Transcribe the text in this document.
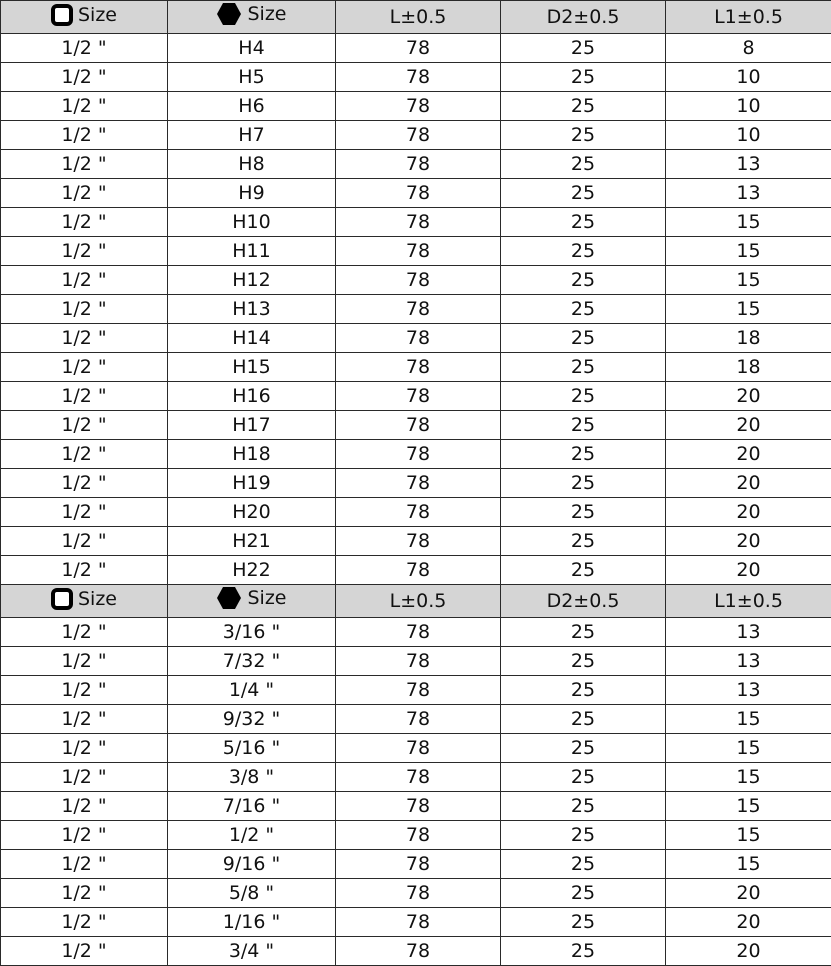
Size	Size	L±0.5	D2±0.5	L1±0.5
1/2 "	H4	78	25	8
1/2 "	H5	78	25	10
1/2 "	H6	78	25	10
1/2 "	H7	78	25	10
1/2 "	H8	78	25	13
1/2 "	H9	78	25	13
1/2 "	H10	78	25	15
1/2 "	H11	78	25	15
1/2 "	H12	78	25	15
1/2 "	H13	78	25	15
1/2 "	H14	78	25	18
1/2 "	H15	78	25	18
1/2 "	H16	78	25	20
1/2 "	H17	78	25	20
1/2 "	H18	78	25	20
1/2 "	H19	78	25	20
1/2 "	H20	78	25	20
1/2 "	H21	78	25	20
1/2 "	H22	78	25	20

Size	Size	L±0.5	D2±0.5	L1±0.5
1/2 "	3/16 "	78	25	13
1/2 "	7/32 "	78	25	13
1/2 "	1/4 "	78	25	13
1/2 "	9/32 "	78	25	15
1/2 "	5/16 "	78	25	15
1/2 "	3/8 "	78	25	15
1/2 "	7/16 "	78	25	15
1/2 "	1/2 "	78	25	15
1/2 "	9/16 "	78	25	15
1/2 "	5/8 "	78	25	20
1/2 "	1/16 "	78	25	20
1/2 "	3/4 "	78	25	20
